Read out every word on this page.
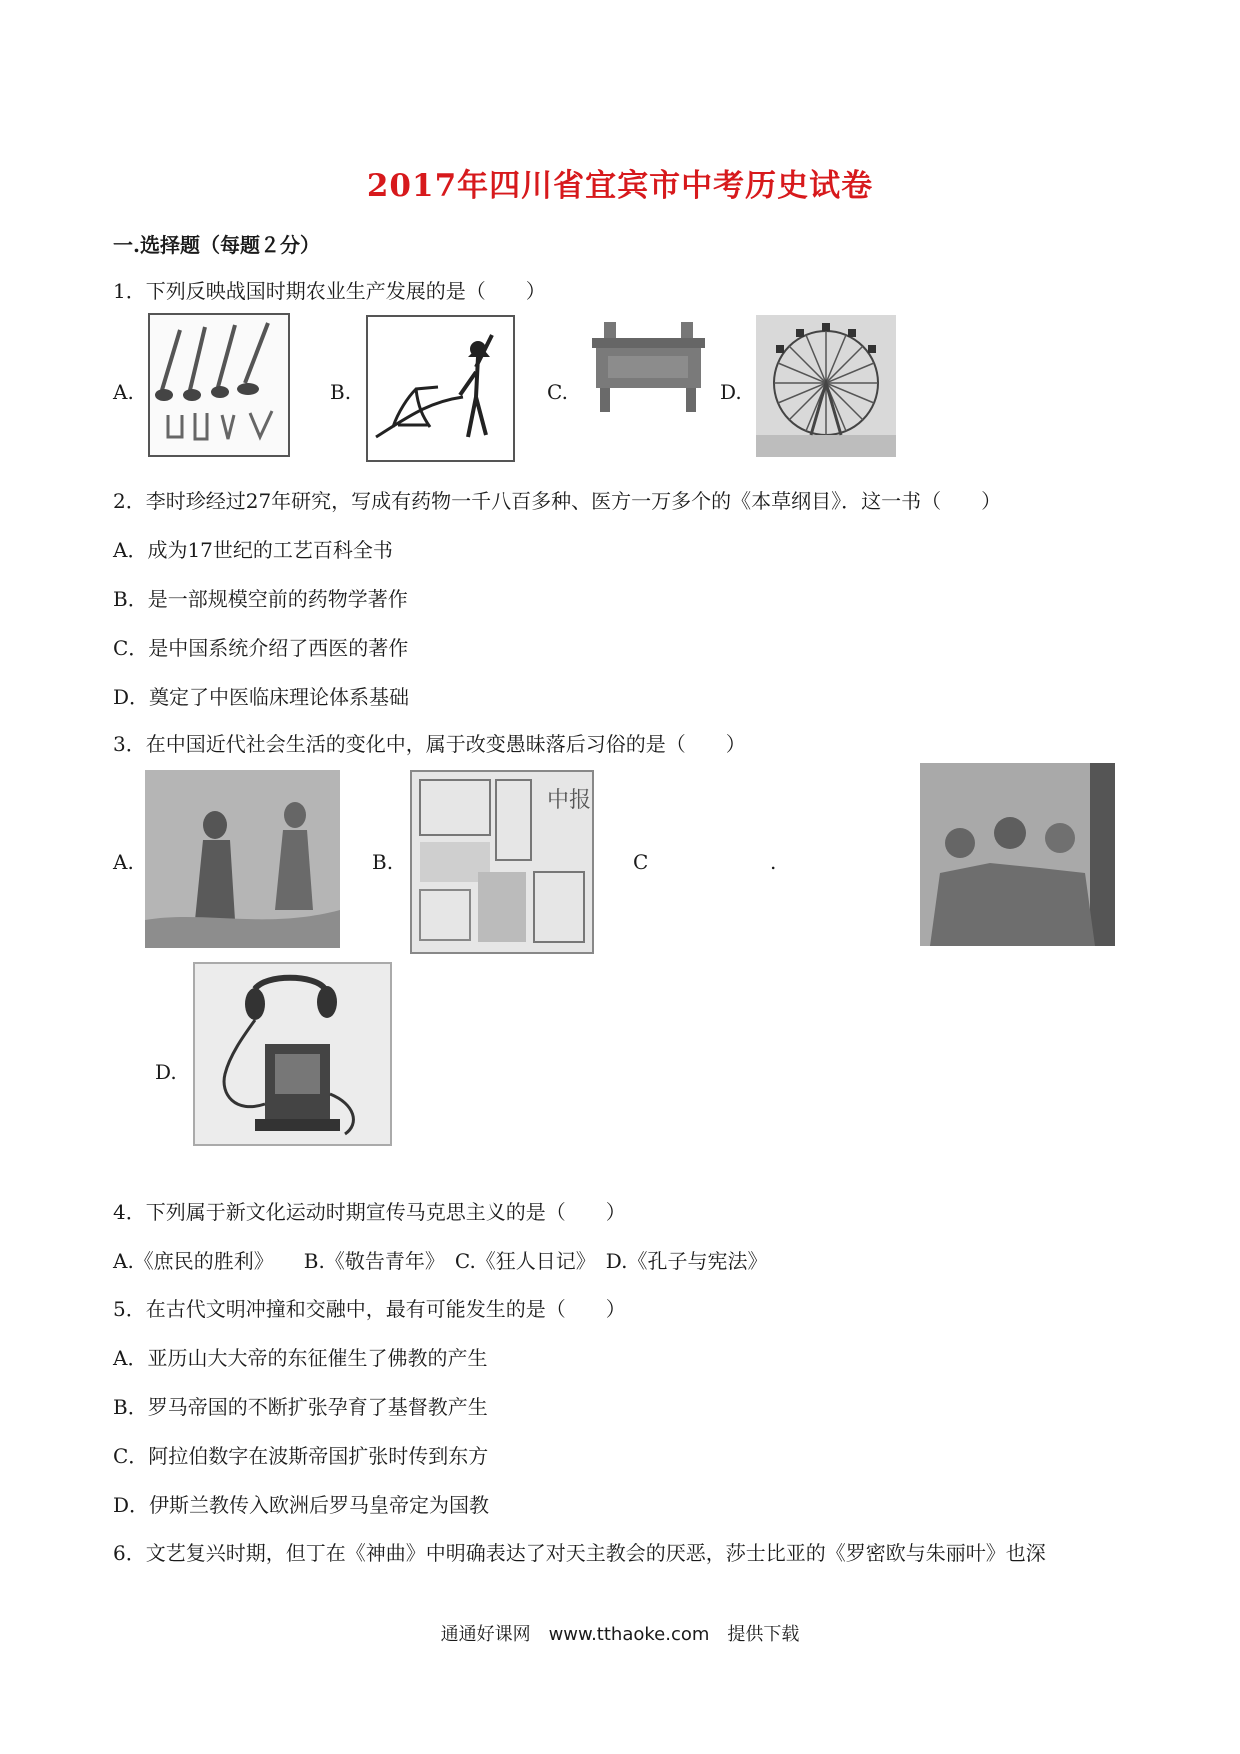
2017年四川省宜宾市中考历史试卷
一.选择题（每题２分）
1．下列反映战国时期农业生产发展的是（　　）
A.	B.	C.	D.
2．李时珍经过27年研究，写成有药物一千八百多种、医方一万多个的《本草纲目》．这一书（　　）
A．成为17世纪的工艺百科全书
B．是一部规模空前的药物学著作
C．是中国系统介绍了西医的著作
D．奠定了中医临床理论体系基础
3．在中国近代社会生活的变化中，属于改变愚昧落后习俗的是（　　）
A.	B.
中报
C	.
D.
4．下列属于新文化运动时期宣传马克思主义的是（　　）
A.《庶民的胜利》　　B.《敬告青年》　C.《狂人日记》　D.《孔子与宪法》
5．在古代文明冲撞和交融中，最有可能发生的是（　　）
A．亚历山大大帝的东征催生了佛教的产生
B．罗马帝国的不断扩张孕育了基督教产生
C．阿拉伯数字在波斯帝国扩张时传到东方
D．伊斯兰教传入欧洲后罗马皇帝定为国教
6．文艺复兴时期，但丁在《神曲》中明确表达了对天主教会的厌恶，莎士比亚的《罗密欧与朱丽叶》也深
通通好课网　www.tthaoke.com　提供下载
